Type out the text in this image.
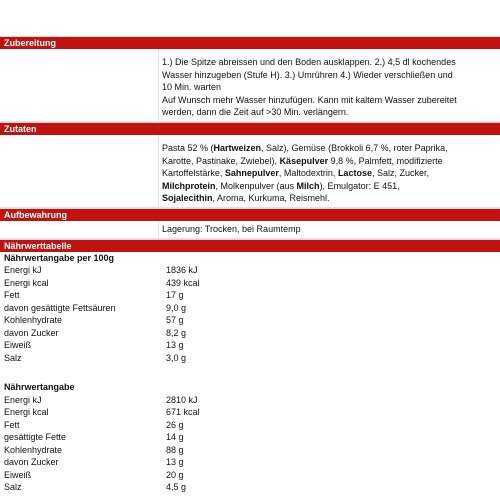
Zubereitung
1.) Die Spitze abreissen und den Boden ausklappen. 2.) 4,5 dl kochendes
Wasser hinzugeben (Stufe H). 3.) Umrühren 4.) Wieder verschließen und
10 Min. warten
Auf Wunsch mehr Wasser hinzufügen. Kann mit kaltem Wasser zubereitet
werden, dann die Zeit auf >30 Min. verlängern.
Zutaten
Pasta 52 % (Hartweizen, Salz), Gemüse (Brokkoli 6,7 %, roter Paprika,
Karotte, Pastinake, Zwiebel), Käsepulver 9,8 %, Palmfett, modifizierte
Kartoffelstärke, Sahnepulver, Maltodextrin, Lactose, Salz, Zucker,
Milchprotein, Molkenpulver (aus Milch), Emulgator: E 451,
Sojalecithin, Aroma, Kurkuma, Reismehl.
Aufbewahrung
Lagerung: Trocken, bei Raumtemp
Nährwerttabelle
Nährwertangabe per 100g
Energi kJ	1836 kJ
Energi kcal	439 kcal
Fett	17 g
davon gesättigte Fettsäuren	9,0 g
Kohlenhydrate	57 g
davon Zucker	8,2 g
Eiweiß	13 g
Salz	3,0 g
Nährwertangabe
Energi kJ	2810 kJ
Energi kcal	671 kcal
Fett	26 g
gesättigte Fette	14 g
Kohlenhydrate	88 g
davon Zucker	13 g
Eiweiß	20 g
Salz	4,5 g
